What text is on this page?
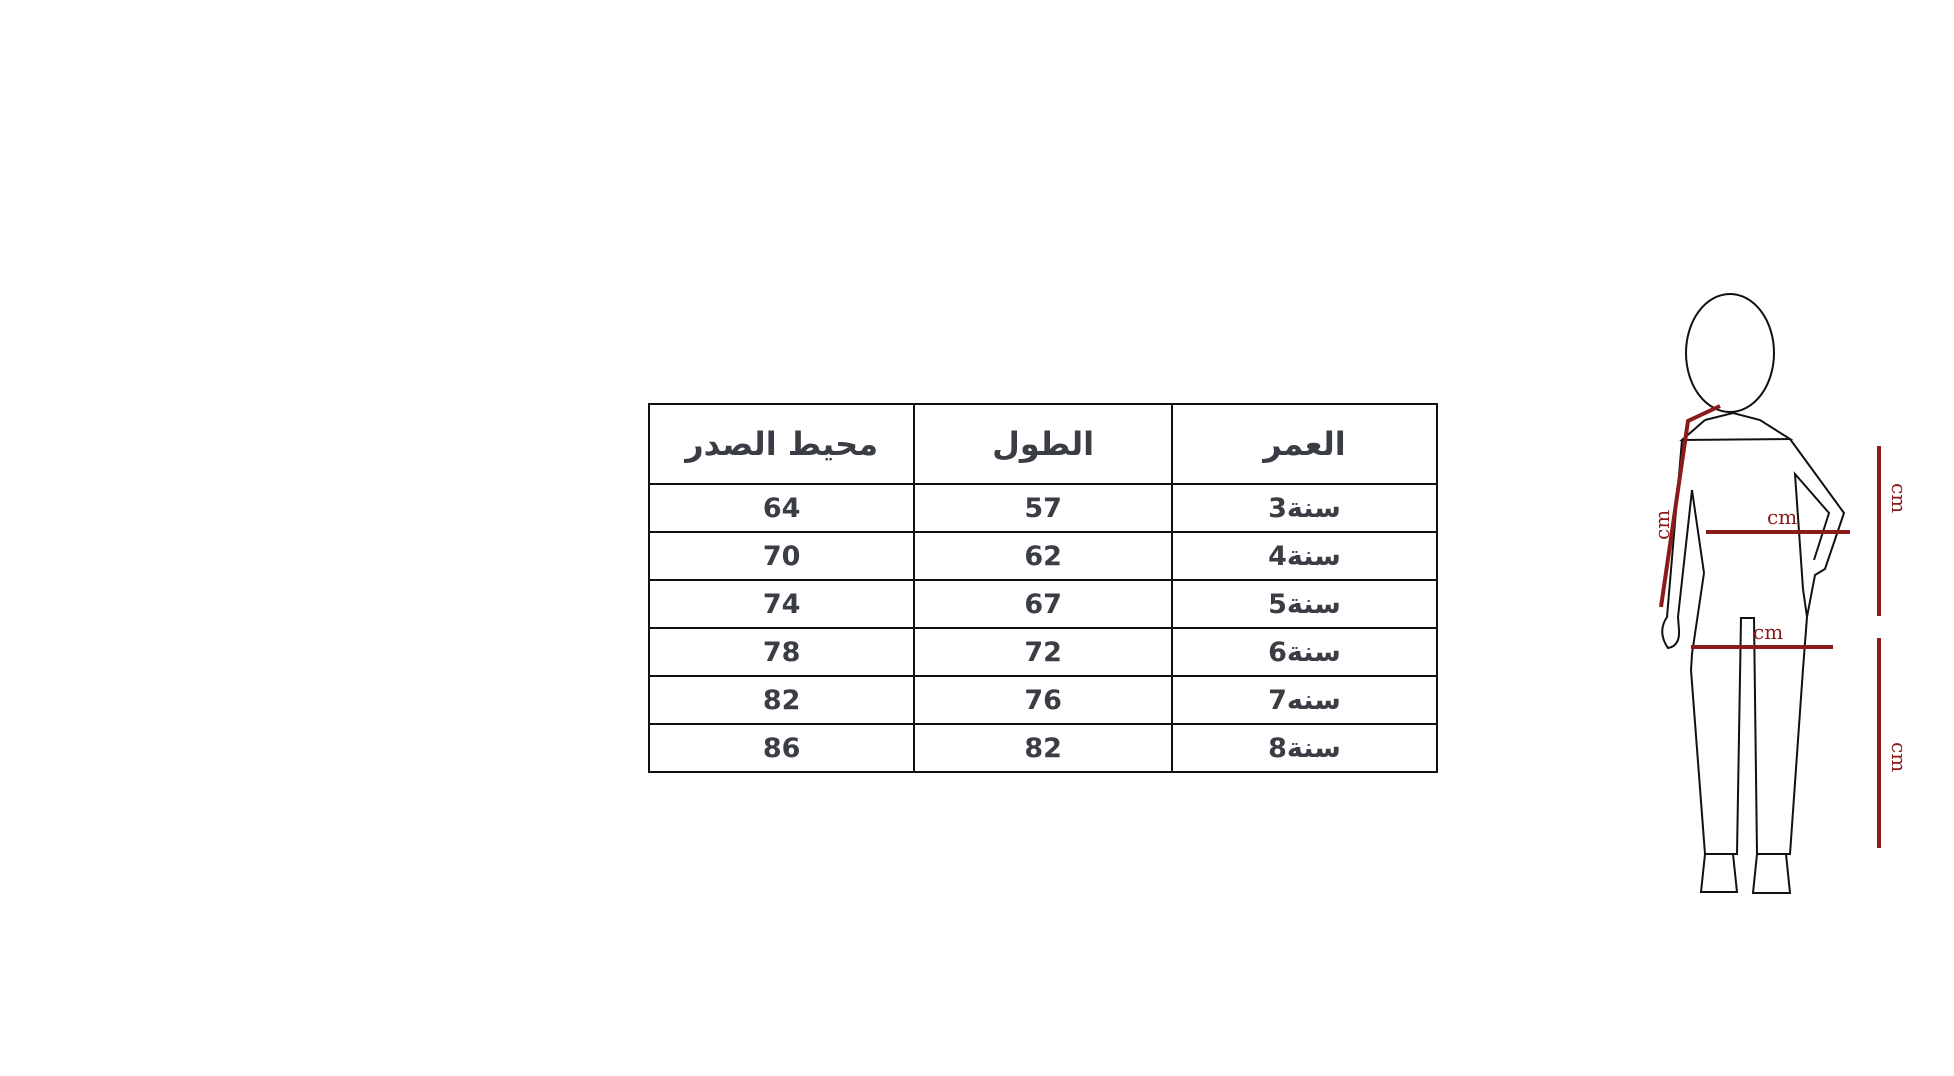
محيط الصدر	الطول	العمر
64	57	3سنة
70	62	4سنة
74	67	5سنة
78	72	6سنة
82	76	7سنه
86	82	8سنة
cm	cm
cm
cm
cm
